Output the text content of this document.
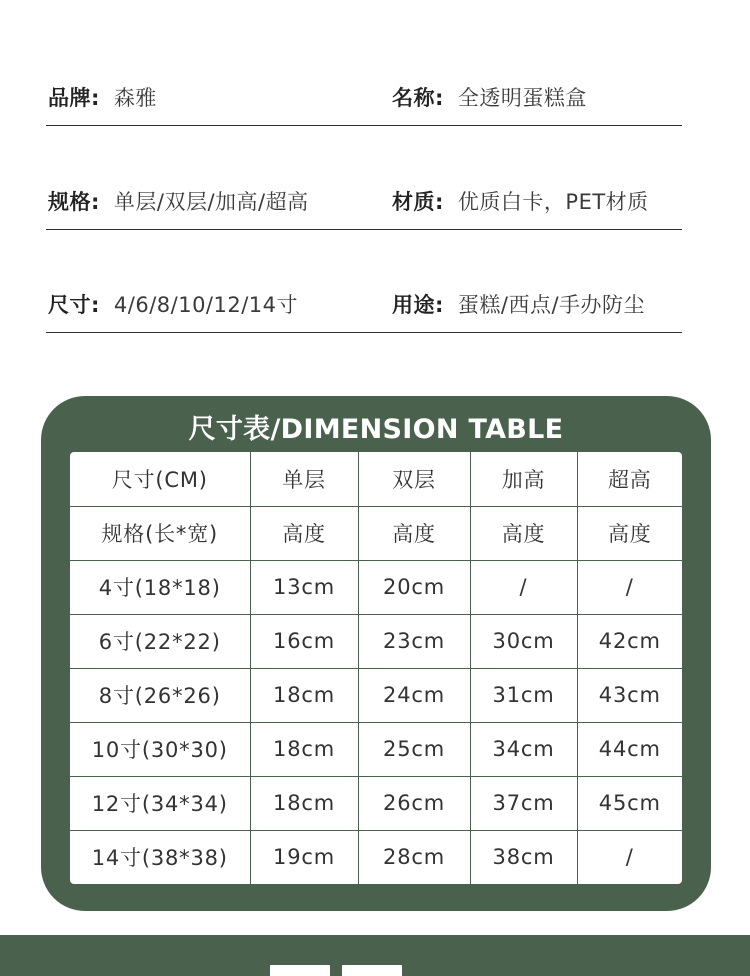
品牌: 森雅	名称: 全透明蛋糕盒
规格: 单层/双层/加高/超高	材质: 优质白卡，PET材质
尺寸: 4/6/8/10/12/14寸	用途: 蛋糕/西点/手办防尘
尺寸表/DIMENSION TABLE
尺寸(CM)	单层	双层	加高	超高
规格(长*宽)	高度	高度	高度	高度
4寸(18*18)	13cm	20cm	/	/
6寸(22*22)	16cm	23cm	30cm	42cm
8寸(26*26)	18cm	24cm	31cm	43cm
10寸(30*30)	18cm	25cm	34cm	44cm
12寸(34*34)	18cm	26cm	37cm	45cm
14寸(38*38)	19cm	28cm	38cm	/
